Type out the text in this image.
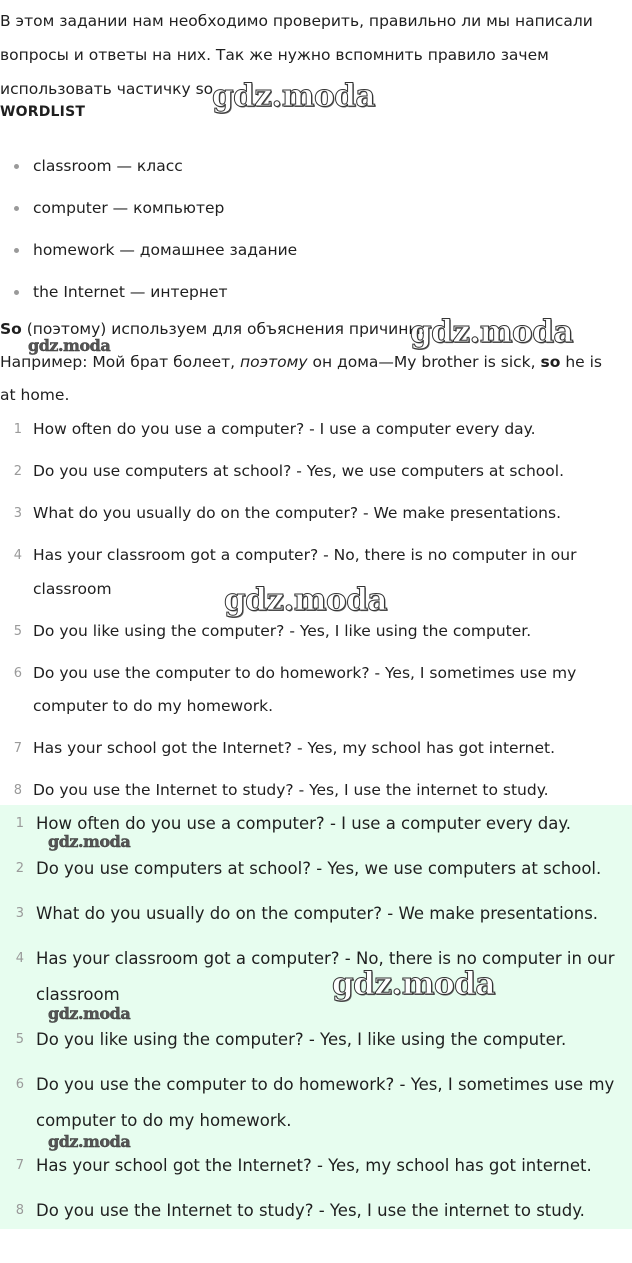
В этом задании нам необходимо проверить, правильно ли мы написали вопросы и ответы на них. Так же нужно вспомнить правило зачем использовать частичку so.
WORDLIST
classroom — класс
computer — компьютер
homework — домашнее задание
the Internet — интернет
So (поэтому) используем для объяснения причины.
Например: Мой брат болеет, поэтому он дома—My brother is sick, so he is at home.
1 How often do you use a computer? - I use a computer every day.
2 Do you use computers at school? - Yes, we use computers at school.
3 What do you usually do on the computer? - We make presentations.
4 Has your classroom got a computer? - No, there is no computer in our classroom
5 Do you like using the computer? - Yes, I like using the computer.
6 Do you use the computer to do homework? - Yes, I sometimes use my computer to do my homework.
7 Has your school got the Internet? - Yes, my school has got internet.
8 Do you use the Internet to study? - Yes, I use the internet to study.
1 How often do you use a computer? - I use a computer every day.
2 Do you use computers at school? - Yes, we use computers at school.
3 What do you usually do on the computer? - We make presentations.
4 Has your classroom got a computer? - No, there is no computer in our classroom
5 Do you like using the computer? - Yes, I like using the computer.
6 Do you use the computer to do homework? - Yes, I sometimes use my computer to do my homework.
7 Has your school got the Internet? - Yes, my school has got internet.
8 Do you use the Internet to study? - Yes, I use the internet to study.
gdz.moda
gdz.moda
gdz.moda
gdz.moda
gdz.moda
gdz.moda
gdz.moda
gdz.moda
